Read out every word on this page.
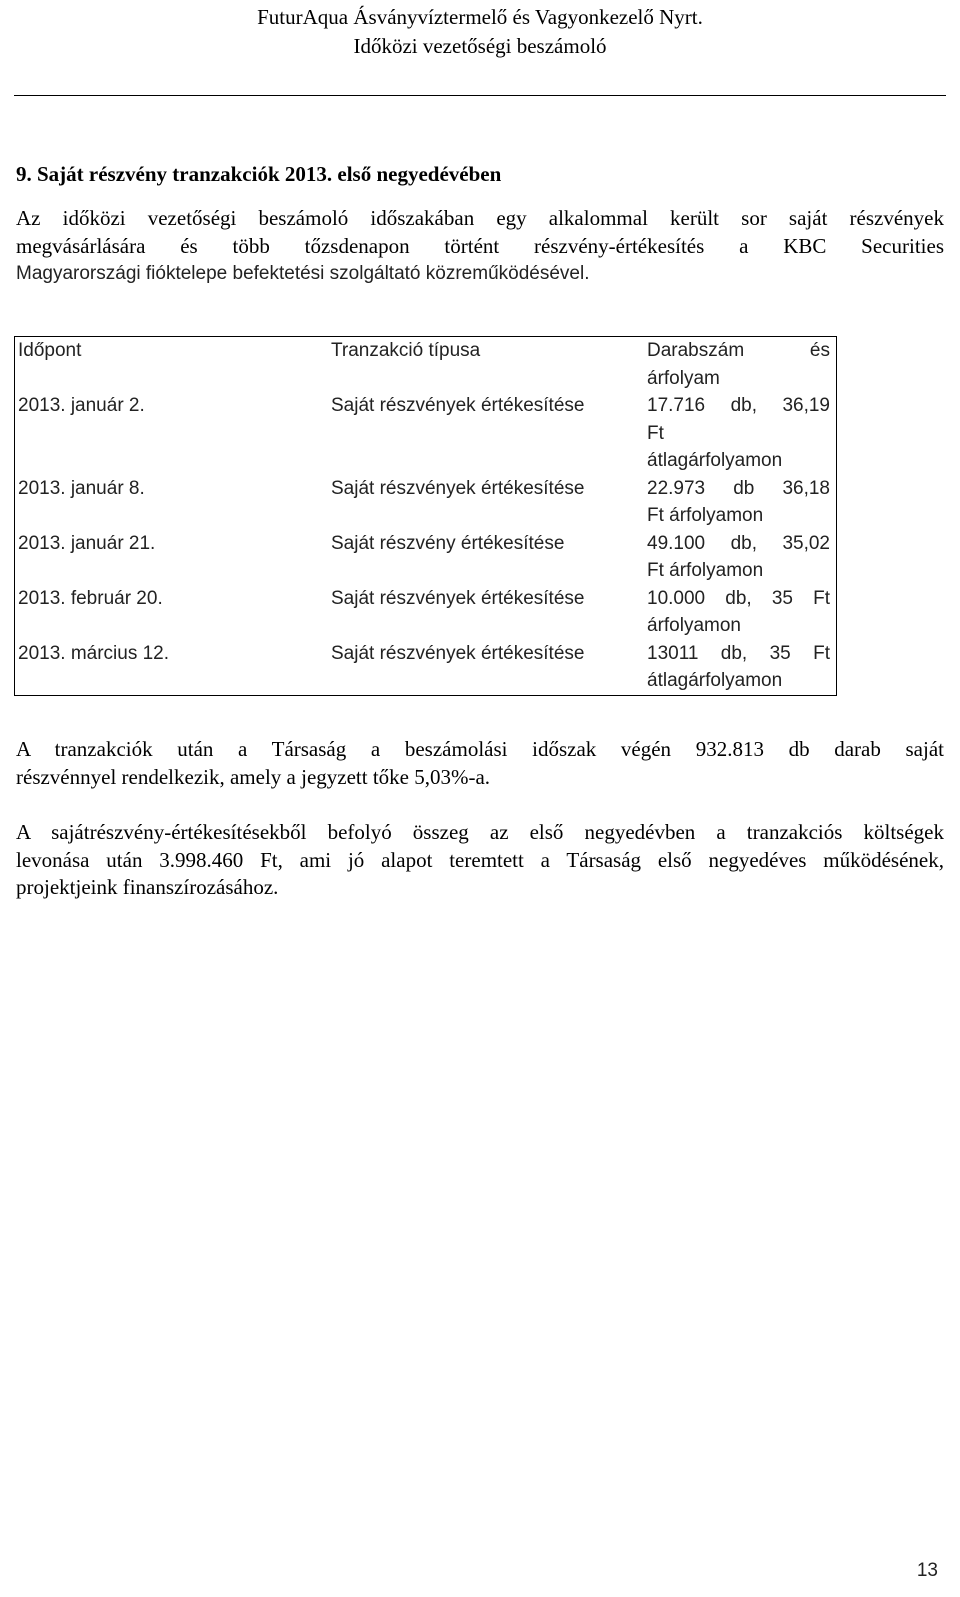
FuturAqua Ásványvíztermelő és Vagyonkezelő Nyrt.
Időközi vezetőségi beszámoló
9. Saját részvény tranzakciók 2013. első negyedévében
Az időközi vezetőségi beszámoló időszakában egy alkalommal került sor saját részvények
megvásárlására és több tőzsdenapon történt részvény-értékesítés a KBC Securities
Magyarországi fióktelepe befektetési szolgáltató közreműködésével.
Időpont	Tranzakció típusa	Darabszám és
árfolyam

2013. január 2.	Saját részvények értékesítése	17.716 db, 36,19
Ft
átlagárfolyamon

2013. január 8.	Saját részvények értékesítése	22.973 db 36,18
Ft árfolyamon

2013. január 21.	Saját részvény értékesítése	49.100 db, 35,02
Ft árfolyamon

2013. február 20.	Saját részvények értékesítése	10.000 db, 35 Ft
árfolyamon

2013. március 12.	Saját részvények értékesítése	13011 db, 35 Ft
átlagárfolyamon
A tranzakciók után a Társaság a beszámolási időszak végén 932.813 db darab saját
részvénnyel rendelkezik, amely a jegyzett tőke 5,03%-a.
A sajátrészvény-értékesítésekből befolyó összeg az első negyedévben a tranzakciós költségek
levonása után 3.998.460 Ft, ami jó alapot teremtett a Társaság első negyedéves működésének,
projektjeink finanszírozásához.
13
